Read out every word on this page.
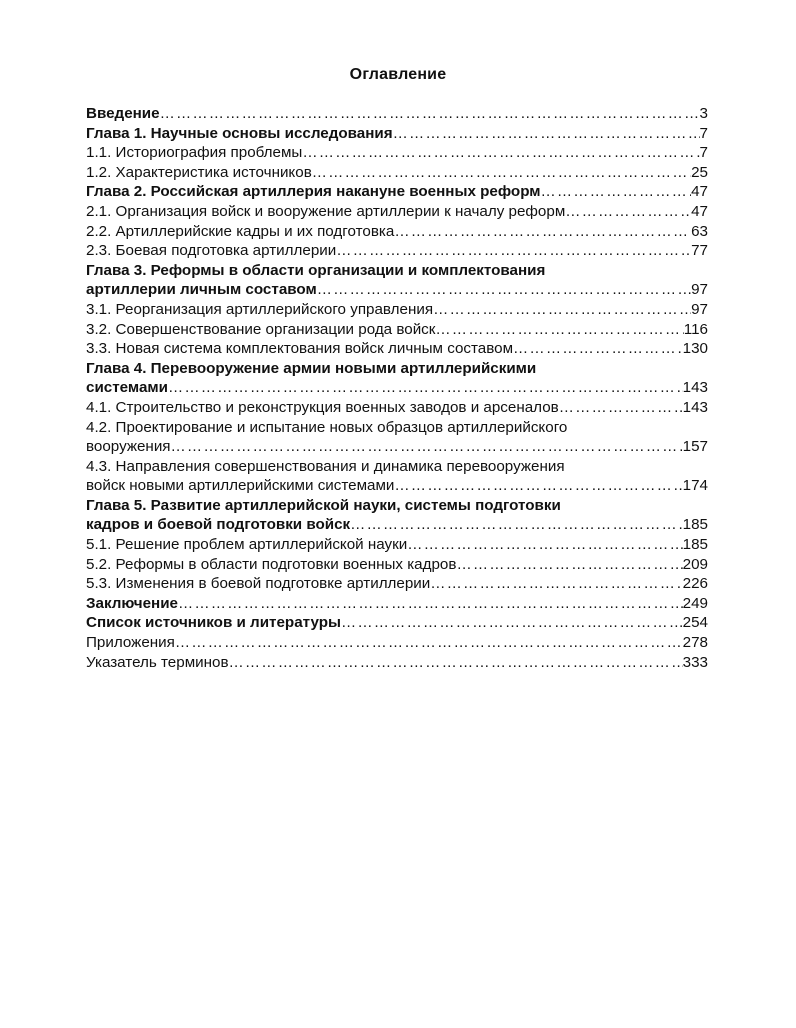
Оглавление
Введение …………………………………………………………………………………………………………………………………………………	3
Глава 1. Научные основы исследования …………………………………………………………………………………………………………………………………………………	7
1.1. Историография проблемы …………………………………………………………………………………………………………………………………………………	7
1.2. Характеристика источников …………………………………………………………………………………………………………………………………………………	25
Глава 2. Российская артиллерия накануне военных реформ …………………………………………………………………………………………………………………………………………………	47
2.1. Организация войск и вооружение артиллерии к началу реформ …………………………………………………………………………………………………………………………………………………	47
2.2. Артиллерийские кадры и их подготовка …………………………………………………………………………………………………………………………………………………	63
2.3. Боевая подготовка артиллерии …………………………………………………………………………………………………………………………………………………	77
Глава 3. Реформы в области организации и комплектования
артиллерии личным составом …………………………………………………………………………………………………………………………………………………	97
3.1. Реорганизация артиллерийского управления …………………………………………………………………………………………………………………………………………………	97
3.2. Совершенствование организации рода войск …………………………………………………………………………………………………………………………………………………	116
3.3. Новая система комплектования войск личным составом …………………………………………………………………………………………………………………………………………………	130
Глава 4. Перевооружение армии новыми артиллерийскими
системами …………………………………………………………………………………………………………………………………………………	143
4.1. Строительство и реконструкция военных заводов и арсеналов …………………………………………………………………………………………………………………………………………………	143
4.2. Проектирование и испытание новых образцов артиллерийского
вооружения …………………………………………………………………………………………………………………………………………………	157
4.3. Направления совершенствования и динамика перевооружения
войск новыми артиллерийскими системами …………………………………………………………………………………………………………………………………………………	174
Глава 5. Развитие артиллерийской науки, системы подготовки
кадров и боевой подготовки войск …………………………………………………………………………………………………………………………………………………	185
5.1. Решение проблем артиллерийской науки …………………………………………………………………………………………………………………………………………………	185
5.2. Реформы в области подготовки военных кадров …………………………………………………………………………………………………………………………………………………	209
5.3. Изменения в боевой подготовке артиллерии …………………………………………………………………………………………………………………………………………………	226
Заключение …………………………………………………………………………………………………………………………………………………	249
Список источников и литературы …………………………………………………………………………………………………………………………………………………	254
Приложения …………………………………………………………………………………………………………………………………………………	278
Указатель терминов …………………………………………………………………………………………………………………………………………………	333
